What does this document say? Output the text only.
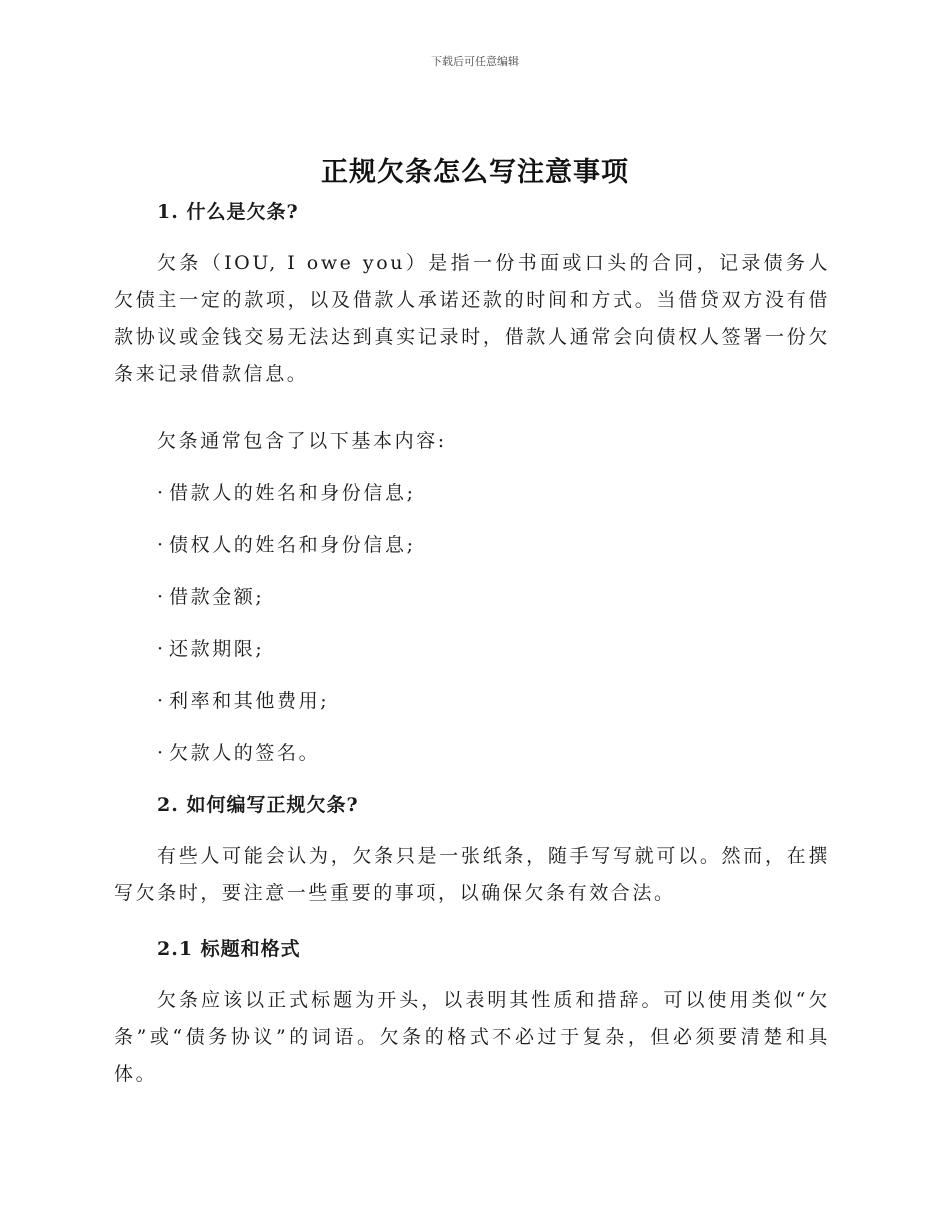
下载后可任意编辑
正规欠条怎么写注意事项
1. 什么是欠条?
欠条（IOU, I owe you）是指一份书面或口头的合同，记录债务人欠债主一定的款项，以及借款人承诺还款的时间和方式。当借贷双方没有借款协议或金钱交易无法达到真实记录时，借款人通常会向债权人签署一份欠条来记录借款信息。
欠条通常包含了以下基本内容:
· 借款人的姓名和身份信息;
· 债权人的姓名和身份信息;
· 借款金额;
· 还款期限;
· 利率和其他费用;
· 欠款人的签名。
2. 如何编写正规欠条?
有些人可能会认为，欠条只是一张纸条，随手写写就可以。然而，在撰写欠条时，要注意一些重要的事项，以确保欠条有效合法。
2.1 标题和格式
欠条应该以正式标题为开头，以表明其性质和措辞。可以使用类似“欠条”或“债务协议”的词语。欠条的格式不必过于复杂，但必须要清楚和具体。
